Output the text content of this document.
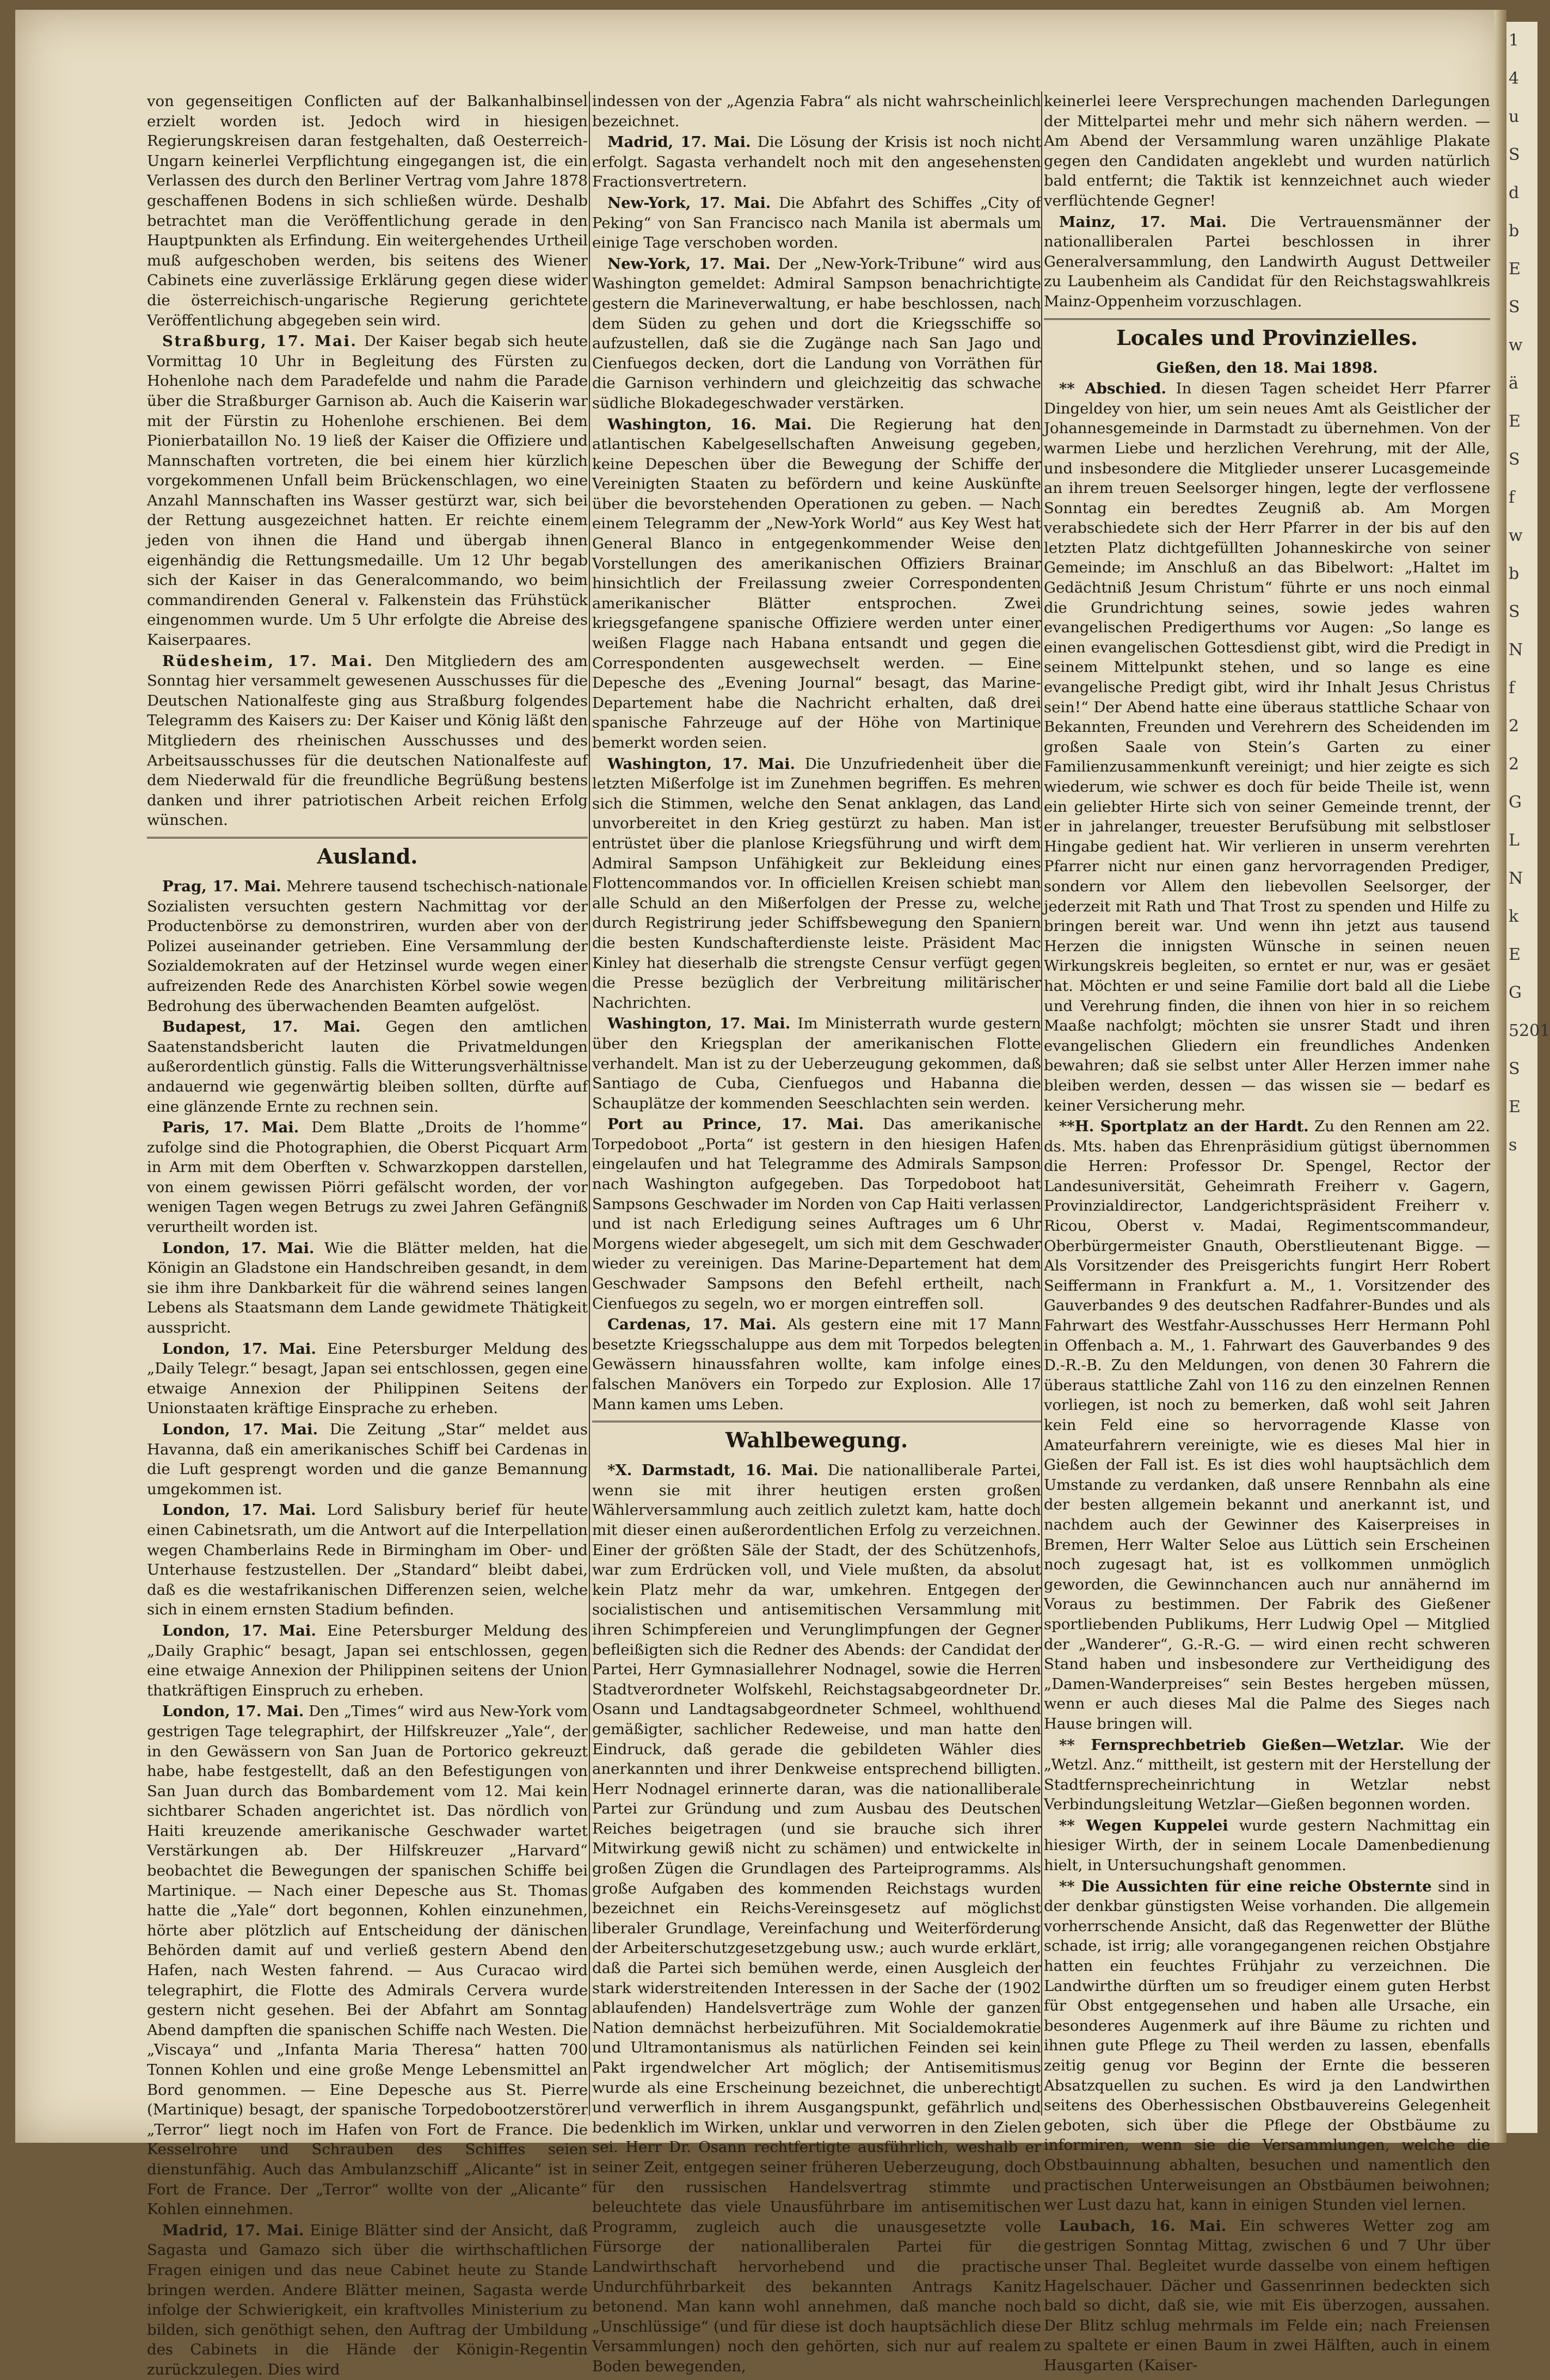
von gegenseitigen Conflicten auf der Balkanhalbinsel erzielt worden ist. Jedoch wird in hiesigen Regierungskreisen daran festgehalten, daß Oesterreich-Ungarn keinerlei Verpflichtung eingegangen ist, die ein Verlassen des durch den Berliner Vertrag vom Jahre 1878 geschaffenen Bodens in sich schließen würde. Deshalb betrachtet man die Veröffentlichung gerade in den Hauptpunkten als Erfindung. Ein weitergehendes Urtheil muß aufgeschoben werden, bis seitens des Wiener Cabinets eine zuverlässige Erklärung gegen diese wider die österreichisch-ungarische Regierung gerichtete Veröffentlichung abgegeben sein wird.

Straßburg, 17. Mai. Der Kaiser begab sich heute Vormittag 10 Uhr in Begleitung des Fürsten zu Hohenlohe nach dem Paradefelde und nahm die Parade über die Straßburger Garnison ab. Auch die Kaiserin war mit der Fürstin zu Hohenlohe erschienen. Bei dem Pionierbataillon No. 19 ließ der Kaiser die Offiziere und Mannschaften vortreten, die bei einem hier kürzlich vorgekommenen Unfall beim Brückenschlagen, wo eine Anzahl Mannschaften ins Wasser gestürzt war, sich bei der Rettung ausgezeichnet hatten. Er reichte einem jeden von ihnen die Hand und übergab ihnen eigenhändig die Rettungsmedaille. Um 12 Uhr begab sich der Kaiser in das Generalcommando, wo beim commandirenden General v. Falkenstein das Frühstück eingenommen wurde. Um 5 Uhr erfolgte die Abreise des Kaiserpaares.

Rüdesheim, 17. Mai. Den Mitgliedern des am Sonntag hier versammelt gewesenen Ausschusses für die Deutschen Nationalfeste ging aus Straßburg folgendes Telegramm des Kaisers zu: Der Kaiser und König läßt den Mitgliedern des rheinischen Ausschusses und des Arbeitsausschusses für die deutschen Nationalfeste auf dem Niederwald für die freundliche Begrüßung bestens danken und ihrer patriotischen Arbeit reichen Erfolg wünschen.

Ausland.

Prag, 17. Mai. Mehrere tausend tschechisch-nationale Sozialisten versuchten gestern Nachmittag vor der Productenbörse zu demonstriren, wurden aber von der Polizei auseinander getrieben. Eine Versammlung der Sozialdemokraten auf der Hetzinsel wurde wegen einer aufreizenden Rede des Anarchisten Körbel sowie wegen Bedrohung des überwachenden Beamten aufgelöst.

Budapest, 17. Mai. Gegen den amtlichen Saatenstandsbericht lauten die Privatmeldungen außerordentlich günstig. Falls die Witterungsverhältnisse andauernd wie gegenwärtig bleiben sollten, dürfte auf eine glänzende Ernte zu rechnen sein.

Paris, 17. Mai. Dem Blatte „Droits de l’homme“ zufolge sind die Photographien, die Oberst Picquart Arm in Arm mit dem Oberften v. Schwarzkoppen darstellen, von einem gewissen Piörri gefälscht worden, der vor wenigen Tagen wegen Betrugs zu zwei Jahren Gefängniß verurtheilt worden ist.

London, 17. Mai. Wie die Blätter melden, hat die Königin an Gladstone ein Handschreiben gesandt, in dem sie ihm ihre Dankbarkeit für die während seines langen Lebens als Staatsmann dem Lande gewidmete Thätigkeit ausspricht.

London, 17. Mai. Eine Petersburger Meldung des „Daily Telegr.“ besagt, Japan sei entschlossen, gegen eine etwaige Annexion der Philippinen Seitens der Unionstaaten kräftige Einsprache zu erheben.

London, 17. Mai. Die Zeitung „Star“ meldet aus Havanna, daß ein amerikanisches Schiff bei Cardenas in die Luft gesprengt worden und die ganze Bemannung umgekommen ist.

London, 17. Mai. Lord Salisbury berief für heute einen Cabinetsrath, um die Antwort auf die Interpellation wegen Chamberlains Rede in Birmingham im Ober- und Unterhause festzustellen. Der „Standard“ bleibt dabei, daß es die westafrikanischen Differenzen seien, welche sich in einem ernsten Stadium befinden.

London, 17. Mai. Eine Petersburger Meldung des „Daily Graphic“ besagt, Japan sei entschlossen, gegen eine etwaige Annexion der Philippinen seitens der Union thatkräftigen Einspruch zu erheben.

London, 17. Mai. Den „Times“ wird aus New-York vom gestrigen Tage telegraphirt, der Hilfskreuzer „Yale“, der in den Gewässern von San Juan de Portorico gekreuzt habe, habe festgestellt, daß an den Befestigungen von San Juan durch das Bombardement vom 12. Mai kein sichtbarer Schaden angerichtet ist. Das nördlich von Haiti kreuzende amerikanische Geschwader wartet Verstärkungen ab. Der Hilfskreuzer „Harvard“ beobachtet die Bewegungen der spanischen Schiffe bei Martinique. — Nach einer Depesche aus St. Thomas hatte die „Yale“ dort begonnen, Kohlen einzunehmen, hörte aber plötzlich auf Entscheidung der dänischen Behörden damit auf und verließ gestern Abend den Hafen, nach Westen fahrend. — Aus Curacao wird telegraphirt, die Flotte des Admirals Cervera wurde gestern nicht gesehen. Bei der Abfahrt am Sonntag Abend dampften die spanischen Schiffe nach Westen. Die „Viscaya“ und „Infanta Maria Theresa“ hatten 700 Tonnen Kohlen und eine große Menge Lebensmittel an Bord genommen. — Eine Depesche aus St. Pierre (Martinique) besagt, der spanische Torpedobootzerstörer „Terror“ liegt noch im Hafen von Fort de France. Die Kesselrohre und Schrauben des Schiffes seien dienstunfähig. Auch das Ambulanzschiff „Alicante“ ist in Fort de France. Der „Terror“ wollte von der „Alicante“ Kohlen einnehmen.

Madrid, 17. Mai. Einige Blätter sind der Ansicht, daß Sagasta und Gamazo sich über die wirthschaftlichen Fragen einigen und das neue Cabinet heute zu Stande bringen werden. Andere Blätter meinen, Sagasta werde infolge der Schwierigkeit, ein kraftvolles Ministerium zu bilden, sich genöthigt sehen, den Auftrag der Umbildung des Cabinets in die Hände der Königin-Regentin zurückzulegen. Dies wird

indessen von der „Agenzia Fabra“ als nicht wahrscheinlich bezeichnet.

Madrid, 17. Mai. Die Lösung der Krisis ist noch nicht erfolgt. Sagasta verhandelt noch mit den angesehensten Fractionsvertretern.

New-York, 17. Mai. Die Abfahrt des Schiffes „City of Peking“ von San Francisco nach Manila ist abermals um einige Tage verschoben worden.

New-York, 17. Mai. Der „New-York-Tribune“ wird aus Washington gemeldet: Admiral Sampson benachrichtigte gestern die Marineverwaltung, er habe beschlossen, nach dem Süden zu gehen und dort die Kriegsschiffe so aufzustellen, daß sie die Zugänge nach San Jago und Cienfuegos decken, dort die Landung von Vorräthen für die Garnison verhindern und gleichzeitig das schwache südliche Blokadegeschwader verstärken.

Washington, 16. Mai. Die Regierung hat den atlantischen Kabelgesellschaften Anweisung gegeben, keine Depeschen über die Bewegung der Schiffe der Vereinigten Staaten zu befördern und keine Auskünfte über die bevorstehenden Operationen zu geben. — Nach einem Telegramm der „New-York World“ aus Key West hat General Blanco in entgegenkommender Weise den Vorstellungen des amerikanischen Offiziers Brainar hinsichtlich der Freilassung zweier Correspondenten amerikanischer Blätter entsprochen. Zwei kriegsgefangene spanische Offiziere werden unter einer weißen Flagge nach Habana entsandt und gegen die Correspondenten ausgewechselt werden. — Eine Depesche des „Evening Journal“ besagt, das Marine-Departement habe die Nachricht erhalten, daß drei spanische Fahrzeuge auf der Höhe von Martinique bemerkt worden seien.

Washington, 17. Mai. Die Unzufriedenheit über die letzten Mißerfolge ist im Zunehmen begriffen. Es mehren sich die Stimmen, welche den Senat anklagen, das Land unvorbereitet in den Krieg gestürzt zu haben. Man ist entrüstet über die planlose Kriegsführung und wirft dem Admiral Sampson Unfähigkeit zur Bekleidung eines Flottencommandos vor. In officiellen Kreisen schiebt man alle Schuld an den Mißerfolgen der Presse zu, welche durch Registrirung jeder Schiffsbewegung den Spaniern die besten Kundschafterdienste leiste. Präsident Mac Kinley hat dieserhalb die strengste Censur verfügt gegen die Presse bezüglich der Verbreitung militärischer Nachrichten.

Washington, 17. Mai. Im Ministerrath wurde gestern über den Kriegsplan der amerikanischen Flotte verhandelt. Man ist zu der Ueberzeugung gekommen, daß Santiago de Cuba, Cienfuegos und Habanna die Schauplätze der kommenden Seeschlachten sein werden.

Port au Prince, 17. Mai. Das amerikanische Torpedoboot „Porta“ ist gestern in den hiesigen Hafen eingelaufen und hat Telegramme des Admirals Sampson nach Washington aufgegeben. Das Torpedoboot hat Sampsons Geschwader im Norden von Cap Haiti verlassen und ist nach Erledigung seines Auftrages um 6 Uhr Morgens wieder abgesegelt, um sich mit dem Geschwader wieder zu vereinigen. Das Marine-Departement hat dem Geschwader Sampsons den Befehl ertheilt, nach Cienfuegos zu segeln, wo er morgen eintreffen soll.

Cardenas, 17. Mai. Als gestern eine mit 17 Mann besetzte Kriegsschaluppe aus dem mit Torpedos belegten Gewässern hinaussfahren wollte, kam infolge eines falschen Manövers ein Torpedo zur Explosion. Alle 17 Mann kamen ums Leben.

Wahlbewegung.

*X. Darmstadt, 16. Mai. Die nationalliberale Partei, wenn sie mit ihrer heutigen ersten großen Wählerversammlung auch zeitlich zuletzt kam, hatte doch mit dieser einen außerordentlichen Erfolg zu verzeichnen. Einer der größten Säle der Stadt, der des Schützenhofs, war zum Erdrücken voll, und Viele mußten, da absolut kein Platz mehr da war, umkehren. Entgegen der socialistischen und antisemitischen Versammlung mit ihren Schimpfereien und Verunglimpfungen der Gegner befleißigten sich die Redner des Abends: der Candidat der Partei, Herr Gymnasiallehrer Nodnagel, sowie die Herren Stadtverordneter Wolfskehl, Reichstagsabgeordneter Dr. Osann und Landtagsabgeordneter Schmeel, wohlthuend gemäßigter, sachlicher Redeweise, und man hatte den Eindruck, daß gerade die gebildeten Wähler dies anerkannten und ihrer Denkweise entsprechend billigten. Herr Nodnagel erinnerte daran, was die nationalliberale Partei zur Gründung und zum Ausbau des Deutschen Reiches beigetragen (und sie brauche sich ihrer Mitwirkung gewiß nicht zu schämen) und entwickelte in großen Zügen die Grundlagen des Parteiprogramms. Als große Aufgaben des kommenden Reichstags wurden bezeichnet ein Reichs-Vereinsgesetz auf möglichst liberaler Grundlage, Vereinfachung und Weiterförderung der Arbeiterschutzgesetzgebung usw.; auch wurde erklärt, daß die Partei sich bemühen werde, einen Ausgleich der stark widerstreitenden Interessen in der Sache der (1902 ablaufenden) Handelsverträge zum Wohle der ganzen Nation demnächst herbeizuführen. Mit Socialdemokratie und Ultramontanismus als natürlichen Feinden sei kein Pakt irgendwelcher Art möglich; der Antisemitismus wurde als eine Erscheinung bezeichnet, die unberechtigt und verwerflich in ihrem Ausgangspunkt, gefährlich und bedenklich im Wirken, unklar und verworren in den Zielen sei. Herr Dr. Osann rechtfertigte ausführlich, weshalb er seiner Zeit, entgegen seiner früheren Ueberzeugung, doch für den russischen Handelsvertrag stimmte und beleuchtete das viele Unausführbare im antisemitischen Programm, zugleich auch die unausgesetzte volle Fürsorge der nationalliberalen Partei für die Landwirthschaft hervorhebend und die practische Undurchführbarkeit des bekannten Antrags Kanitz betonend. Man kann wohl annehmen, daß manche noch „Unschlüssige“ (und für diese ist doch hauptsächlich diese Versammlungen) noch den gehörten, sich nur auf realem Boden bewegenden,

keinerlei leere Versprechungen machenden Darlegungen der Mittelpartei mehr und mehr sich nähern werden. — Am Abend der Versammlung waren unzählige Plakate gegen den Candidaten angeklebt und wurden natürlich bald entfernt; die Taktik ist kennzeichnet auch wieder verflüchtende Gegner!

Mainz, 17. Mai. Die Vertrauensmänner der nationalliberalen Partei beschlossen in ihrer Generalversammlung, den Landwirth August Dettweiler zu Laubenheim als Candidat für den Reichstagswahlkreis Mainz-Oppenheim vorzuschlagen.

Locales und Provinzielles.

Gießen, den 18. Mai 1898.

** Abschied. In diesen Tagen scheidet Herr Pfarrer Dingeldey von hier, um sein neues Amt als Geistlicher der Johannesgemeinde in Darmstadt zu übernehmen. Von der warmen Liebe und herzlichen Verehrung, mit der Alle, und insbesondere die Mitglieder unserer Lucasgemeinde an ihrem treuen Seelsorger hingen, legte der verflossene Sonntag ein beredtes Zeugniß ab. Am Morgen verabschiedete sich der Herr Pfarrer in der bis auf den letzten Platz dichtgefüllten Johanneskirche von seiner Gemeinde; im Anschluß an das Bibelwort: „Haltet im Gedächtniß Jesum Christum“ führte er uns noch einmal die Grundrichtung seines, sowie jedes wahren evangelischen Predigerthums vor Augen: „So lange es einen evangelischen Gottesdienst gibt, wird die Predigt in seinem Mittelpunkt stehen, und so lange es eine evangelische Predigt gibt, wird ihr Inhalt Jesus Christus sein!“ Der Abend hatte eine überaus stattliche Schaar von Bekannten, Freunden und Verehrern des Scheidenden im großen Saale von Stein’s Garten zu einer Familienzusammenkunft vereinigt; und hier zeigte es sich wiederum, wie schwer es doch für beide Theile ist, wenn ein geliebter Hirte sich von seiner Gemeinde trennt, der er in jahrelanger, treuester Berufsübung mit selbstloser Hingabe gedient hat. Wir verlieren in unserm verehrten Pfarrer nicht nur einen ganz hervorragenden Prediger, sondern vor Allem den liebevollen Seelsorger, der jederzeit mit Rath und That Trost zu spenden und Hilfe zu bringen bereit war. Und wenn ihn jetzt aus tausend Herzen die innigsten Wünsche in seinen neuen Wirkungskreis begleiten, so erntet er nur, was er gesäet hat. Möchten er und seine Familie dort bald all die Liebe und Verehrung finden, die ihnen von hier in so reichem Maaße nachfolgt; möchten sie unsrer Stadt und ihren evangelischen Gliedern ein freundliches Andenken bewahren; daß sie selbst unter Aller Herzen immer nahe bleiben werden, dessen — das wissen sie — bedarf es keiner Versicherung mehr.

**H. Sportplatz an der Hardt. Zu den Rennen am 22. ds. Mts. haben das Ehrenpräsidium gütigst übernommen die Herren: Professor Dr. Spengel, Rector der Landesuniversität, Geheimrath Freiherr v. Gagern, Provinzialdirector, Landgerichtspräsident Freiherr v. Ricou, Oberst v. Madai, Regimentscommandeur, Oberbürgermeister Gnauth, Oberstlieutenant Bigge. — Als Vorsitzender des Preisgerichts fungirt Herr Robert Seiffermann in Frankfurt a. M., 1. Vorsitzender des Gauverbandes 9 des deutschen Radfahrer-Bundes und als Fahrwart des Westfahr-Ausschusses Herr Hermann Pohl in Offenbach a. M., 1. Fahrwart des Gauverbandes 9 des D.-R.-B. Zu den Meldungen, von denen 30 Fahrern die überaus stattliche Zahl von 116 zu den einzelnen Rennen vorliegen, ist noch zu bemerken, daß wohl seit Jahren kein Feld eine so hervorragende Klasse von Amateurfahrern vereinigte, wie es dieses Mal hier in Gießen der Fall ist. Es ist dies wohl hauptsächlich dem Umstande zu verdanken, daß unsere Rennbahn als eine der besten allgemein bekannt und anerkannt ist, und nachdem auch der Gewinner des Kaiserpreises in Bremen, Herr Walter Seloe aus Lüttich sein Erscheinen noch zugesagt hat, ist es vollkommen unmöglich geworden, die Gewinnchancen auch nur annähernd im Voraus zu bestimmen. Der Fabrik des Gießener sportliebenden Publikums, Herr Ludwig Opel — Mitglied der „Wanderer“, G.-R.-G. — wird einen recht schweren Stand haben und insbesondere zur Vertheidigung des „Damen-Wanderpreises“ sein Bestes hergeben müssen, wenn er auch dieses Mal die Palme des Sieges nach Hause bringen will.

** Fernsprechbetrieb Gießen—Wetzlar. Wie der „Wetzl. Anz.“ mittheilt, ist gestern mit der Herstellung der Stadtfernsprecheinrichtung in Wetzlar nebst Verbindungsleitung Wetzlar—Gießen begonnen worden.

** Wegen Kuppelei wurde gestern Nachmittag ein hiesiger Wirth, der in seinem Locale Damenbedienung hielt, in Untersuchungshaft genommen.

** Die Aussichten für eine reiche Obsternte sind in der denkbar günstigsten Weise vorhanden. Die allgemein vorherrschende Ansicht, daß das Regenwetter der Blüthe schade, ist irrig; alle vorangegangenen reichen Obstjahre hatten ein feuchtes Frühjahr zu verzeichnen. Die Landwirthe dürften um so freudiger einem guten Herbst für Obst entgegensehen und haben alle Ursache, ein besonderes Augenmerk auf ihre Bäume zu richten und ihnen gute Pflege zu Theil werden zu lassen, ebenfalls zeitig genug vor Beginn der Ernte die besseren Absatzquellen zu suchen. Es wird ja den Landwirthen seitens des Oberhessischen Obstbauvereins Gelegenheit geboten, sich über die Pflege der Obstbäume zu informiren, wenn sie die Versammlungen, welche die Obstbauinnung abhalten, besuchen und namentlich den practischen Unterweisungen an Obstbäumen beiwohnen; wer Lust dazu hat, kann in einigen Stunden viel lernen.

Laubach, 16. Mai. Ein schweres Wetter zog am gestrigen Sonntag Mittag, zwischen 6 und 7 Uhr über unser Thal. Begleitet wurde dasselbe von einem heftigen Hagelschauer. Dächer und Gassenrinnen bedeckten sich bald so dicht, daß sie, wie mit Eis überzogen, aussahen. Der Blitz schlug mehrmals im Felde ein; nach Freiensen zu spaltete er einen Baum in zwei Hälften, auch in einem Hausgarten (Kaiser-

1
4
u
S
d
b
E
S
w
ä
E
S
f
w
b
S
N
f
2
2
G
L
N
k
E
G
5201
S
E
s
